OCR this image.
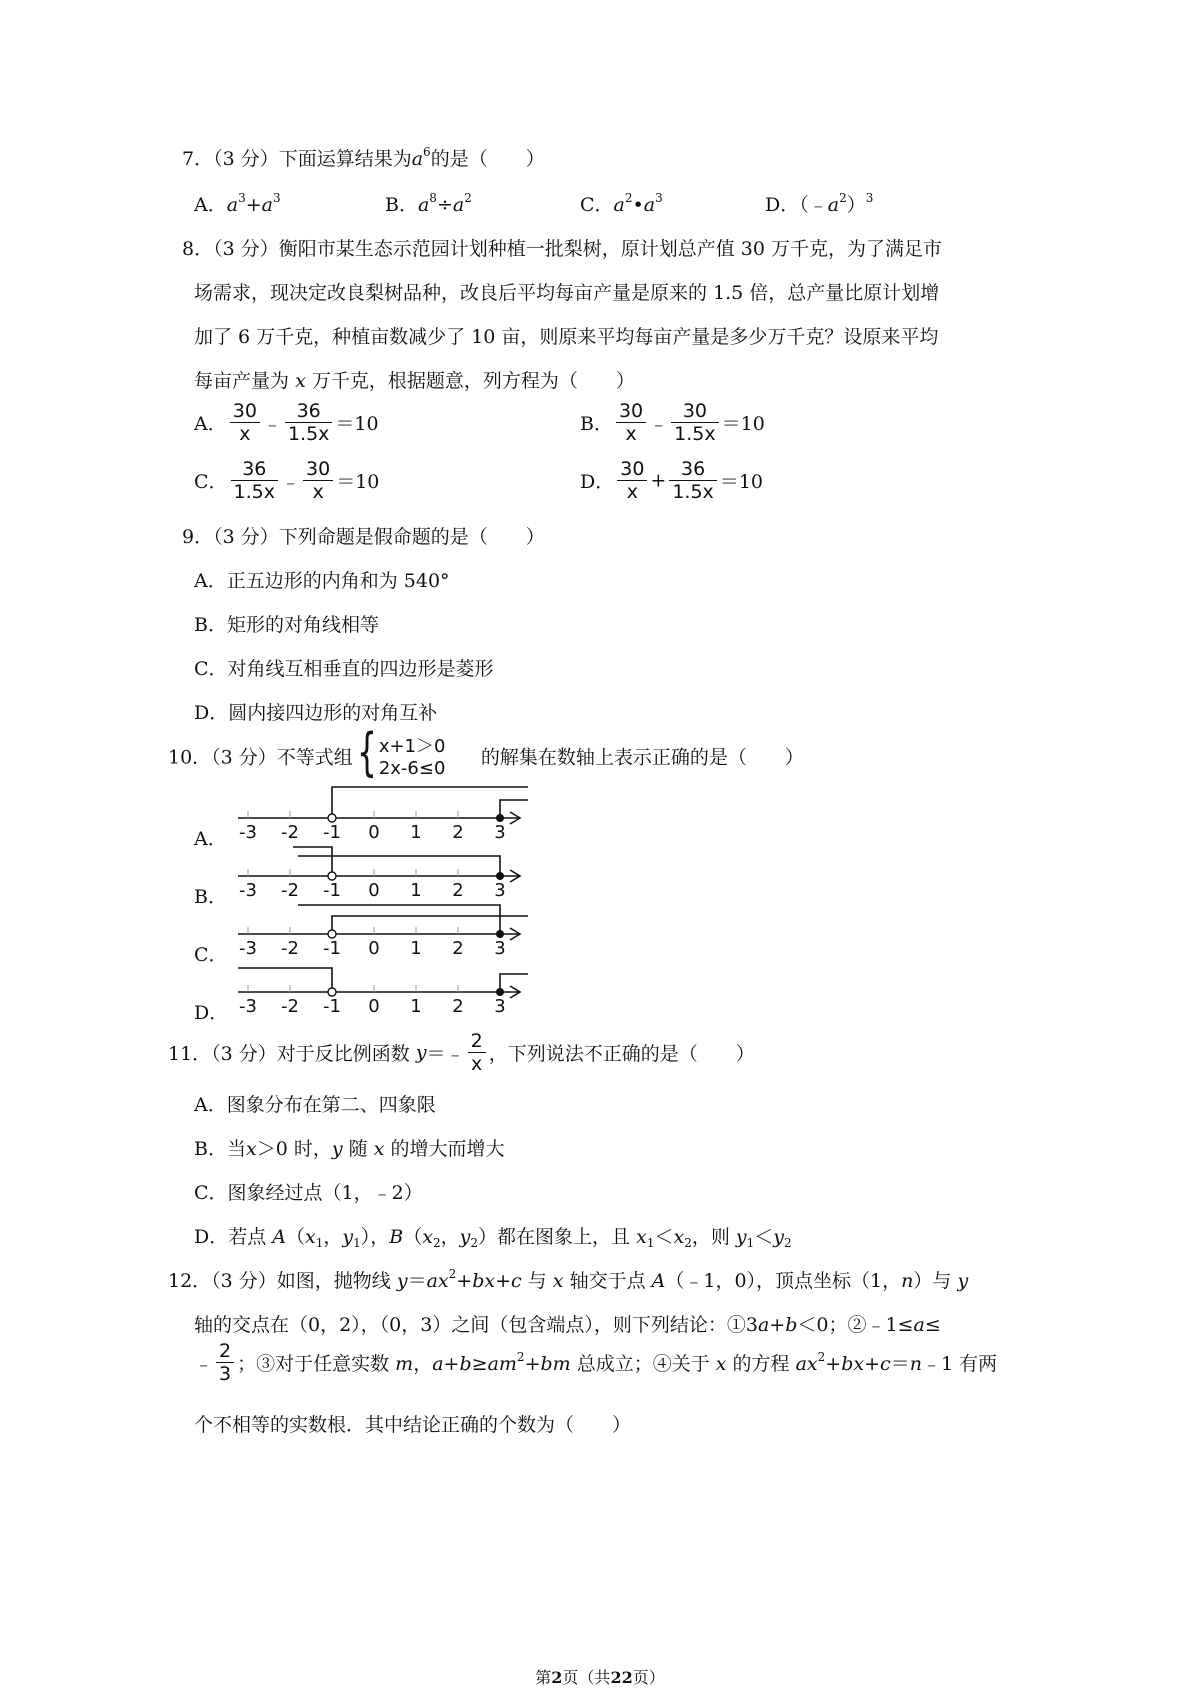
7．（3 分）下面运算结果为$a^6$的是（　　）
A．$a^3+a^3$	B．$a^8\div a^2$	C．$a^2•a^3$	D．$(﹣a^2)^3$
8．（3 分）衡阳市某生态示范园计划种植一批梨树，原计划总产值 30 万千克，为了满足市
场需求，现决定改良梨树品种，改良后平均每亩产量是原来的 1.5 倍，总产量比原计划增
加了 6 万千克，种植亩数减少了 10 亩，则原来平均每亩产量是多少万千克？设原来平均
每亩产量为 x 万千克，根据题意，列方程为（　　）
A． $\frac{30}{x}$ ﹣ $\frac{36}{1.5x} =10$	B． $\frac{30}{x}$ ﹣ $\frac{30}{1.5x} =10$
C． $\frac{36}{1.5x}$ ﹣ $\frac{30}{x} =10$	D． $\frac{30}{x} + \frac{36}{1.5x} =10$
9．（3 分）下列命题是假命题的是（　　）
A．正五边形的内角和为 540°
B．矩形的对角线相等
C．对角线互相垂直的四边形是菱形
D．圆内接四边形的对角互补
10．（3 分）不等式组 { x+1＞0
2x-6≤0 的解集在数轴上表示正确的是（　　）
A．
B．
C．
D．
-3 -2 -1	0	1	2	3
-3 -2 -1	0	1	2	3
-3 -2 -1	0	1	2	3
-3 -2 -1	0	1	2	3
11．（3 分）对于反比例函数 y＝﹣ $\frac{2}{x}$ ，下列说法不正确的是（　　）
A．图象分布在第二、四象限
B．当x＞0 时，y 随 x 的增大而增大
C．图象经过点（1，﹣2）
D．若点 $A(x_1$，$y_1$），$B(x_2$，$y_2$）都在图象上，且 $x_1<x_2$，则 $y_1<y_2$
12．（3 分）如图，抛物线 $y=ax^2+bx+c$ 与 x 轴交于点 A（﹣1，0），顶点坐标（1，n）与 y
轴的交点在（0，2），（0，3）之间（包含端点），则下列结论：①3a+b＜0；②﹣1≤a≤
﹣ $\frac{2}{3}$ ；③对于任意实数 m，$a+b\ge am^2+bm$ 总成立；④关于 x 的方程 $ax^2+bx+c=n﹣1$ 有两
个不相等的实数根．其中结论正确的个数为（　　）
第2页（共22页）
